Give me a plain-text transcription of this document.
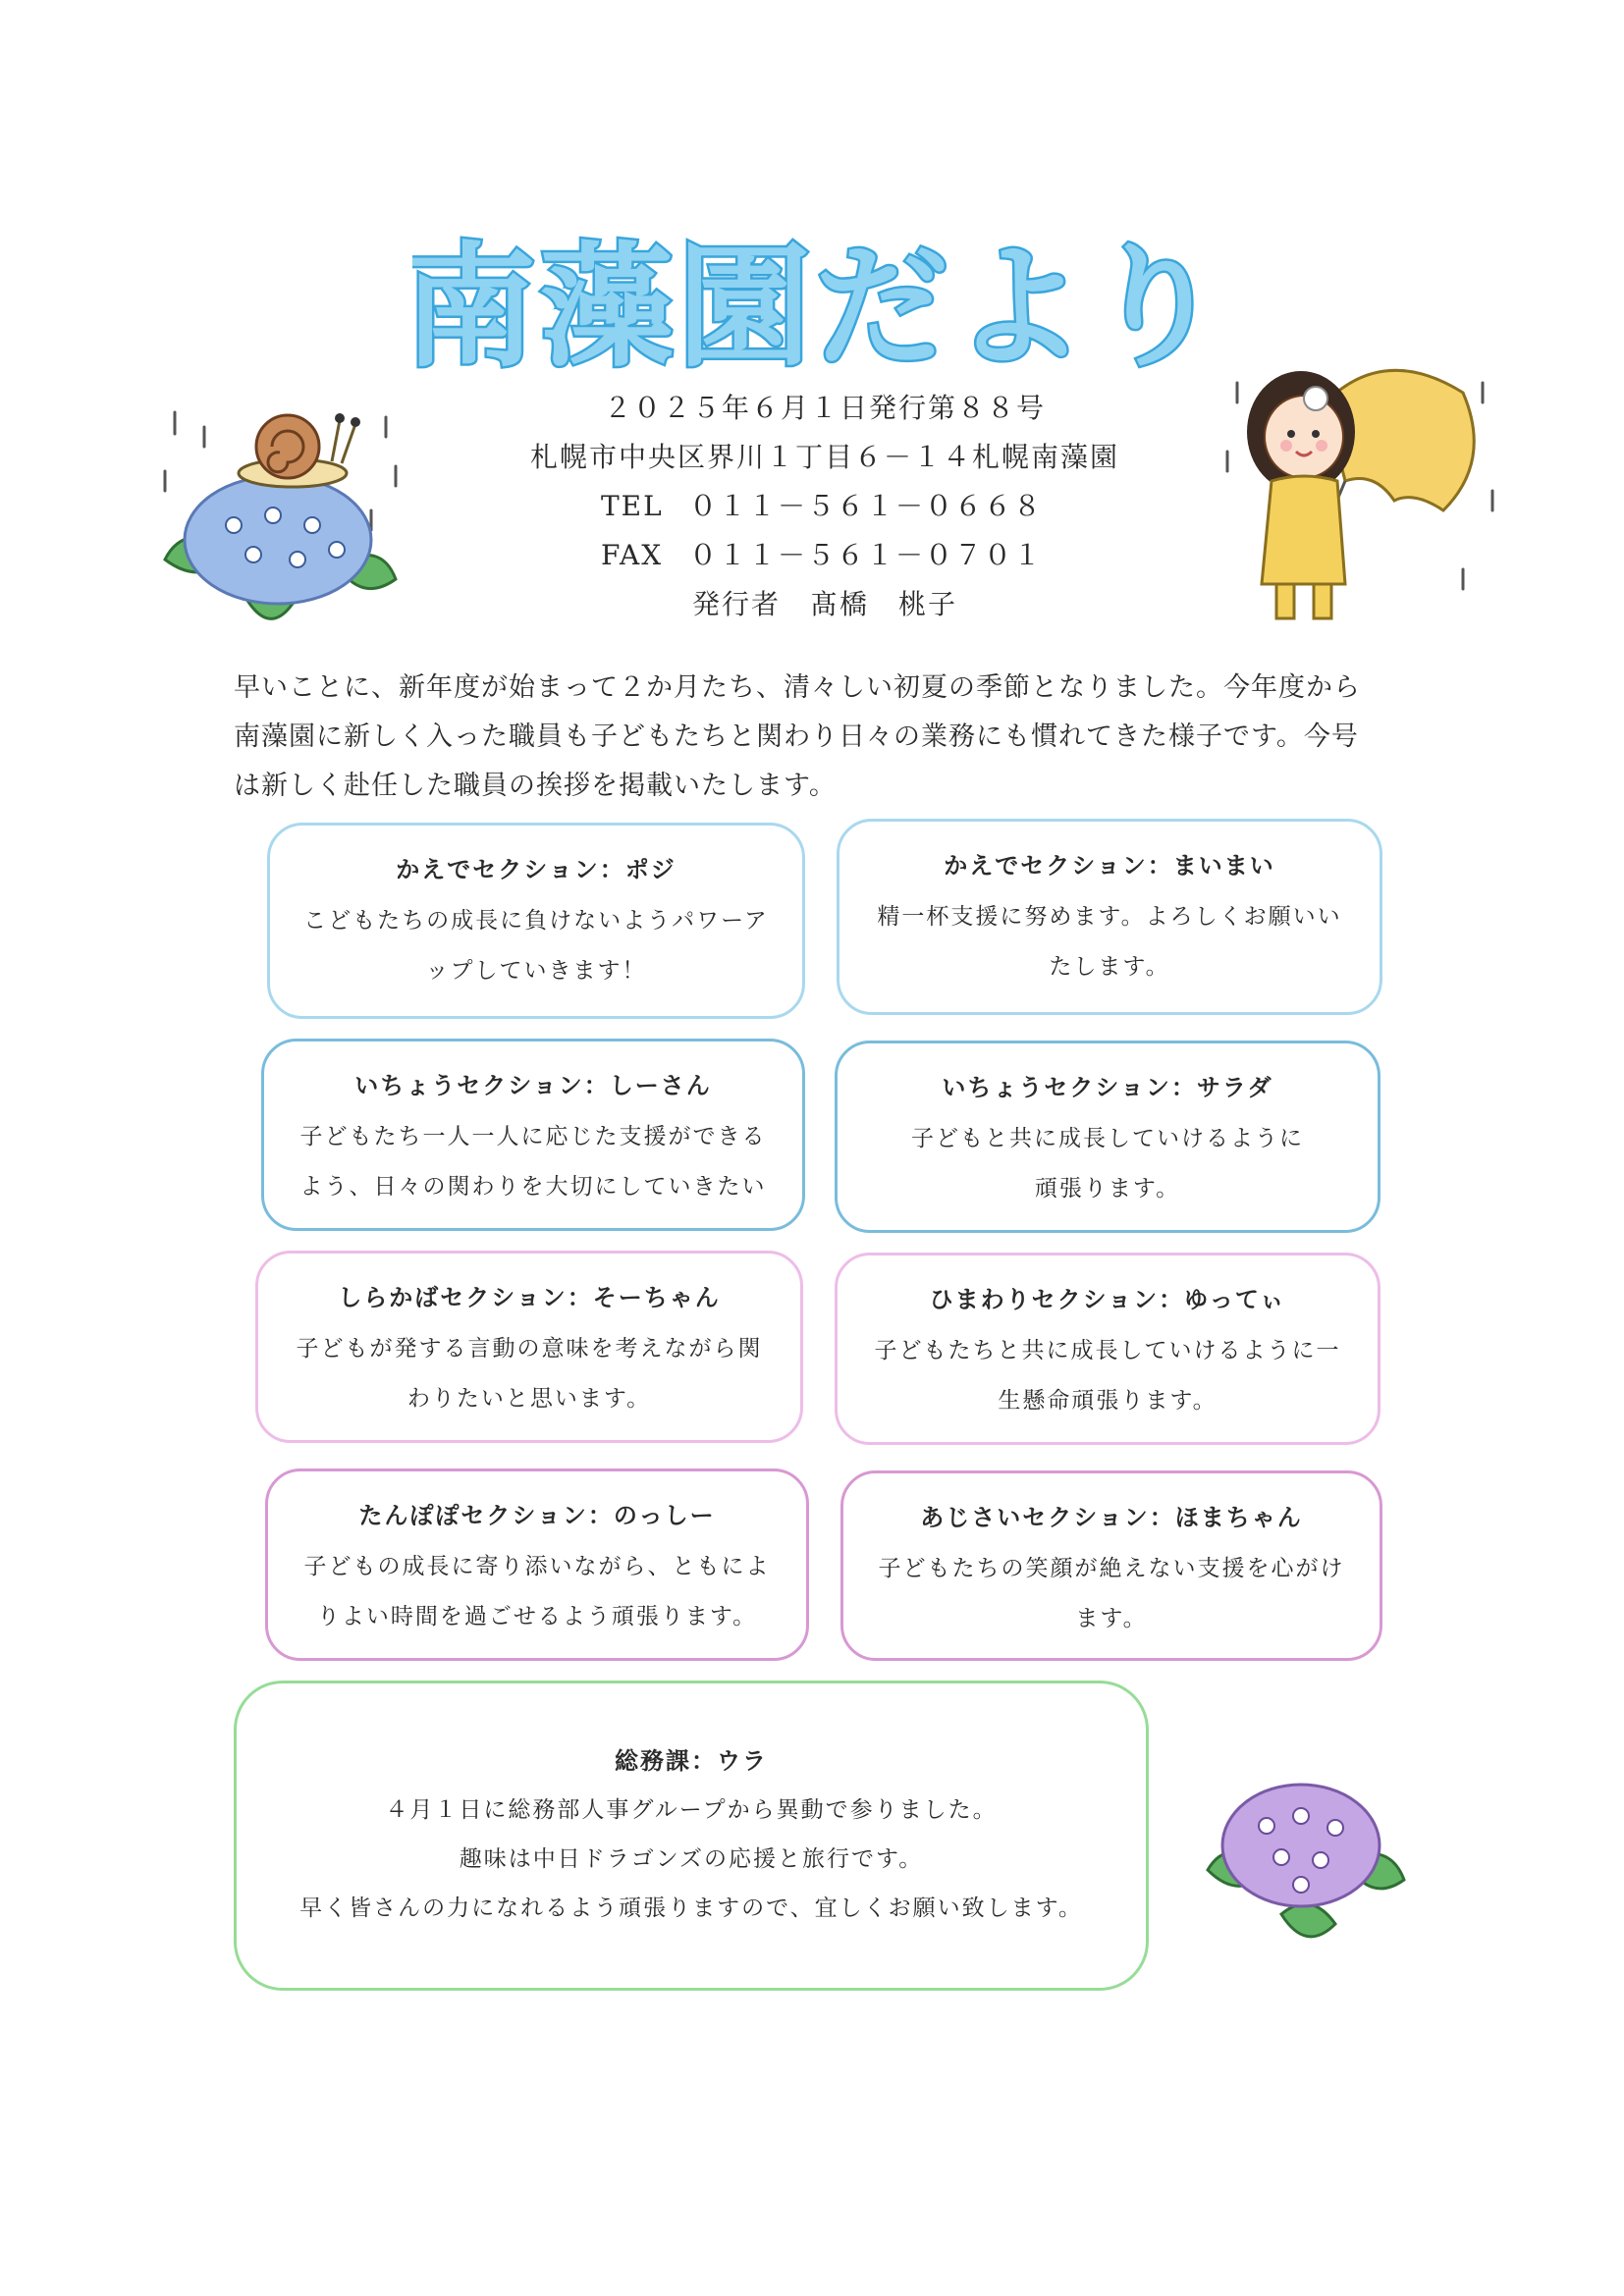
南藻園だより
２０２５年６月１日発行第８８号
札幌市中央区界川１丁目６－１４札幌南藻園
TEL ０１１－５６１－０６６８
FAX ０１１－５６１－０７０１
発行者　 髙橋　桃子
早いことに、新年度が始まって２か月たち、清々しい初夏の季節となりました。今年度から
南藻園に新しく入った職員も子どもたちと関わり日々の業務にも慣れてきた様子です。今号
は新しく赴任した職員の挨拶を掲載いたします。
かえでセクション：ポジ
こどもたちの成長に負けないようパワーア
ップしていきます！
かえでセクション：まいまい
精一杯支援に努めます。よろしくお願いい
たします。
いちょうセクション：しーさん
子どもたち一人一人に応じた支援ができる
よう、日々の関わりを大切にしていきたい
いちょうセクション：サラダ
子どもと共に成長していけるように
頑張ります。
しらかばセクション：そーちゃん
子どもが発する言動の意味を考えながら関
わりたいと思います。
ひまわりセクション：ゆってぃ
子どもたちと共に成長していけるように一
生懸命頑張ります。
たんぽぽセクション：のっしー
子どもの成長に寄り添いながら、ともによ
りよい時間を過ごせるよう頑張ります。
あじさいセクション：ほまちゃん
子どもたちの笑顔が絶えない支援を心がけ
ます。
総務課：ウラ
４月１日に総務部人事グループから異動で参りました。
趣味は中日ドラゴンズの応援と旅行です。
早く皆さんの力になれるよう頑張りますので、宜しくお願い致します。
